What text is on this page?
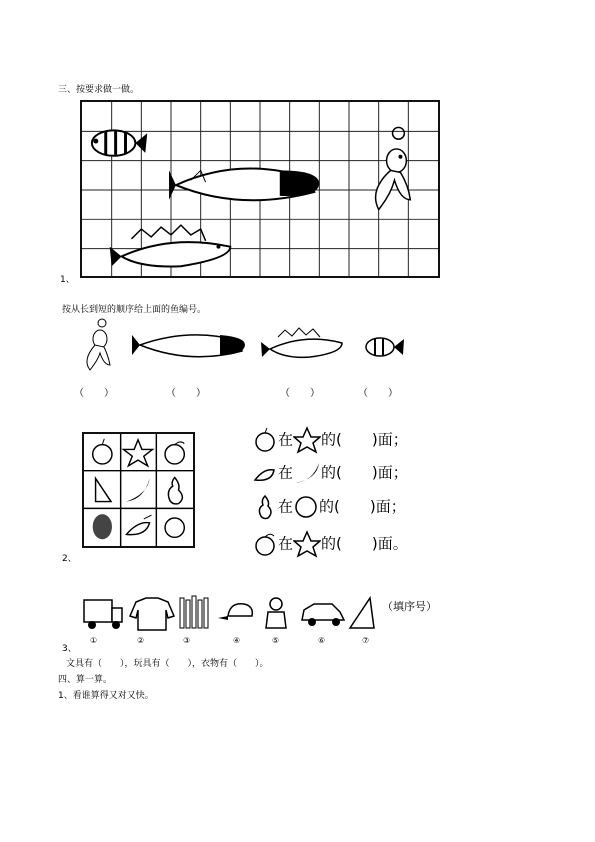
三、按要求做一做。
1、
按从长到短的顺序给上面的鱼编号。
（　　）	（　　）	（　　）	（　　）
2、
在 的(　　)面；
在 的(　　)面；
在 的(　　)面；
在 的(　　)面。
（填序号）
3、
①	②	③	④	⑤	⑥	⑦
文具有（　　），玩具有（　　），衣物有（　　）。
四、算一算。
1、看谁算得又对又快。
